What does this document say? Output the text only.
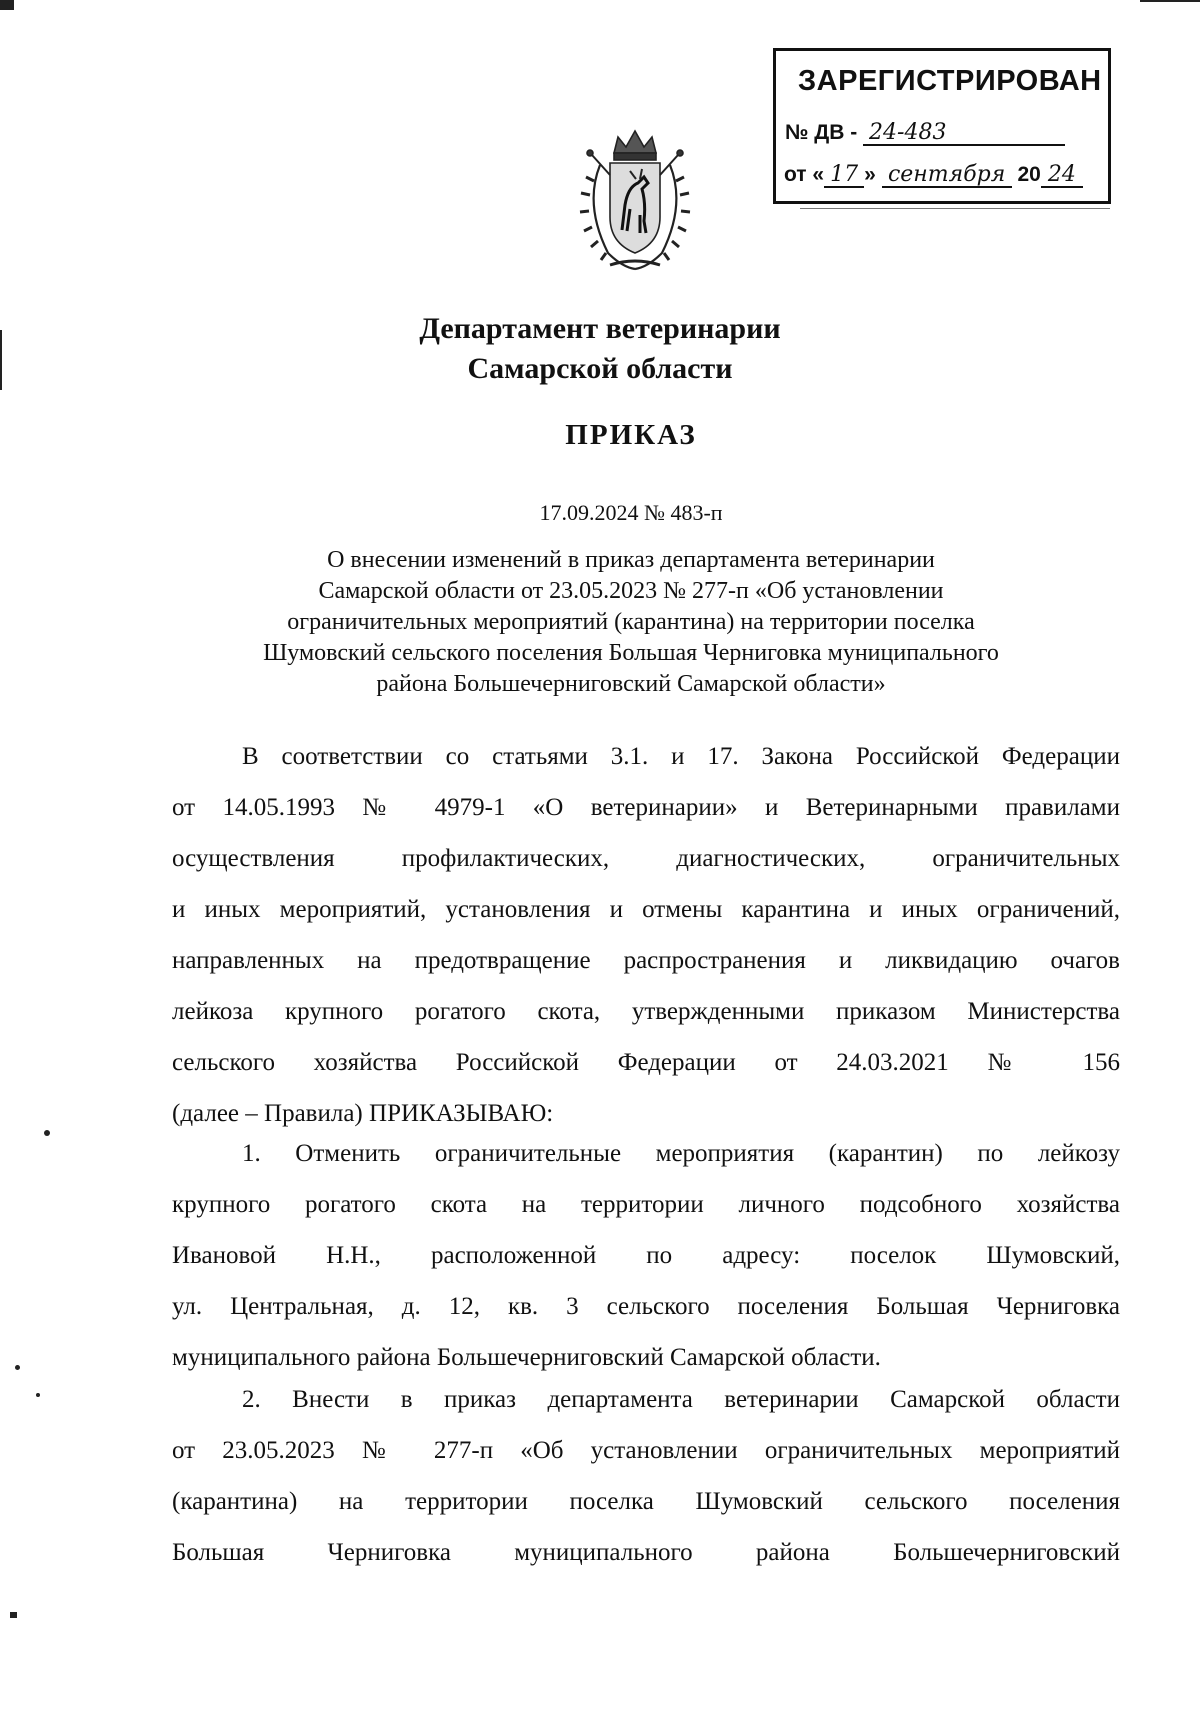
ЗАРЕГИСТРИРОВАН
№ ДВ - 24-483
от « 17 » сентября 20 24
Департамент ветеринарии
Самарской области
ПРИКАЗ
17.09.2024 № 483-п
О внесении изменений в приказ департамента ветеринарии
Самарской области от 23.05.2023 № 277-п «Об установлении
ограничительных мероприятий (карантина) на территории поселка
Шумовский сельского поселения Большая Черниговка муниципального
района Большечерниговский Самарской области»
В соответствии со статьями 3.1. и 17. Закона Российской Федерации
от 14.05.1993 № 4979-1 «О ветеринарии» и Ветеринарными правилами
осуществления профилактических, диагностических, ограничительных
и иных мероприятий, установления и отмены карантина и иных ограничений,
направленных на предотвращение распространения и ликвидацию очагов
лейкоза крупного рогатого скота, утвержденными приказом Министерства
сельского хозяйства Российской Федерации от 24.03.2021 № 156
(далее – Правила) ПРИКАЗЫВАЮ:
1. Отменить ограничительные мероприятия (карантин) по лейкозу
крупного рогатого скота на территории личного подсобного хозяйства
Ивановой Н.Н., расположенной по адресу: поселок Шумовский,
ул. Центральная, д. 12, кв. 3 сельского поселения Большая Черниговка
муниципального района Большечерниговский Самарской области.
2. Внести в приказ департамента ветеринарии Самарской области
от 23.05.2023 № 277-п «Об установлении ограничительных мероприятий
(карантина) на территории поселка Шумовский сельского поселения
Большая Черниговка муниципального района Большечерниговский
